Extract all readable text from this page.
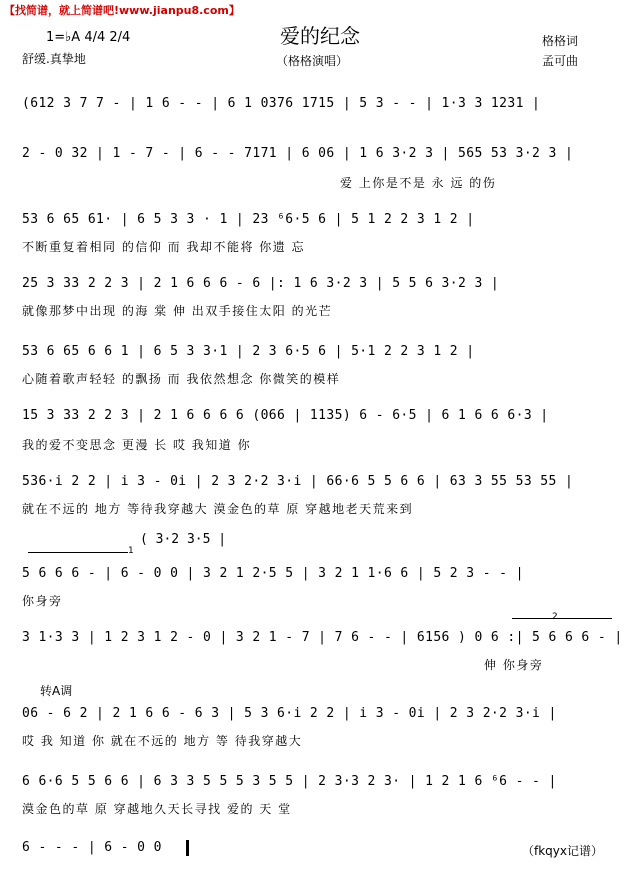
【找简谱，就上简谱吧!www.jianpu8.com】
爱的纪念
1=♭A 4/4 2/4
舒缓.真挚地	（格格演唱）
格格词
孟可曲
(612 3 7 7 - | 1 6 - - | 6 1 0376 1715 | 5 3 - - | 1·3 3 1231 |
2 - 0 32 | 1 - 7 - | 6 - - 7171 | 6 06 | 1 6 3·2 3 | 565 53 3·2 3 |
爱 上你是不是 永 远 的伤
53 6 65 61· | 6 5 3 3 · 1 | 23 ⁶6·5 6 | 5 1 2 2 3 1 2 |
不断重复着相同 的信仰 而 我却不能将 你遗 忘
25 3 33 2 2 3 | 2 1 6 6 6 - 6 |: 1 6 3·2 3 | 5 5 6 3·2 3 |
就像那梦中出现 的海 棠 伸 出双手接住太阳 的光芒
53 6 65 6 6 1 | 6 5 3 3·1 | 2 3 6·5 6 | 5·1 2 2 3 1 2 |
心随着歌声轻轻 的飘扬 而 我依然想念 你微笑的模样
15 3 33 2 2 3 | 2 1 6 6 6 6 (066 | 1135) 6 - 6·5 | 6 1 6 6 6·3 |
我的爱不变思念 更漫 长 哎 我知道 你
536·i 2 2 | i 3 - 0i | 2 3 2·2 3·i | 66·6 5 5 6 6 | 63 3 55 53 55 |
就在不远的 地方 等待我穿越大 漠金色的草 原 穿越地老天荒来到
( 3·2 3·5 |
1
5 6 6 6 - | 6 - 0 0 | 3 2 1 2·5 5 | 3 2 1 1·6 6 | 5 2 3 - - |
你身旁
2
3 1·3 3 | 1 2 3 1 2 - 0 | 3 2 1 - 7 | 7 6 - - | 6156 ) 0 6 :| 5 6 6 6 - |
伸 你身旁
转A调
06 - 6 2 | 2 1 6 6 - 6 3 | 5 3 6·i 2 2 | i 3 - 0i | 2 3 2·2 3·i |
哎 我 知道 你 就在不远的 地方 等 待我穿越大
6 6·6 5 5 6 6 | 6 3 3 5 5 5 3 5 5 | 2 3·3 2 3· | 1 2 1 6 ⁶6 - - |
漠金色的草 原 穿越地久天长寻找 爱的 天 堂
6 - - - | 6 - 0 0	（fkqyx记谱）
